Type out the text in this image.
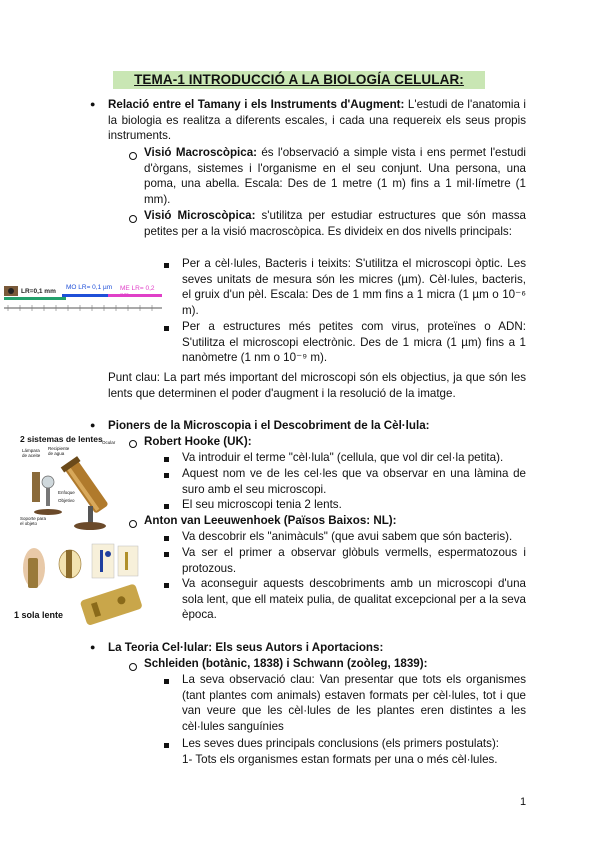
TEMA-1 INTRODUCCIÓ A LA BIOLOGÍA CELULAR:
● Relació entre el Tamany i els Instruments d'Augment: L'estudi de l'anatomia i la biologia es realitza a diferents escales, i cada una requereix els seus propis instruments.
Visió Macroscòpica: és l'observació a simple vista i ens permet l'estudi d'òrgans, sistemes i l'organisme en el seu conjunt. Una persona, una poma, una abella. Escala: Des de 1 metre (1 m) fins a 1 mil·límetre (1 mm).
Visió Microscòpica: s'utilitza per estudiar estructures que són massa petites per a la visió macroscòpica. Es divideix en dos nivells principals:
Per a cèl·lules, Bacteris i teixits: S'utilitza el microscopi òptic. Les seves unitats de mesura són les micres (µm). Cèl·lules, bacteris, el gruix d'un pèl. Escala: Des de 1 mm fins a 1 micra (1 µm o 10⁻⁶ m).
Per a estructures més petites com virus, proteïnes o ADN: S'utilitza el microscopi electrònic. Des de 1 micra (1 µm) fins a 1 nanòmetre (1 nm o 10⁻⁹ m).
Punt clau: La part més important del microscopi són els objectius, ja que són les lents que determinen el poder d'augment i la resolució de la imatge.
LR=0,1 mm
MO LR= 0,1 µm ME LR= 0,2 nm
● Pioners de la Microscopia i el Descobriment de la Cèl·lula:
Robert Hooke (UK):
Va introduir el terme "cèl·lula" (cellula, que vol dir cel·la petita).
Aquest nom ve de les cel·les que va observar en una làmina de suro amb el seu microscopi.
El seu microscopi tenia 2 lents.
Anton van Leeuwenhoek (Països Baixos: NL):
Va descobrir els "animàculs" (que avui sabem que són bacteris).
Va ser el primer a observar glòbuls vermells, espermatozous i protozous.
Va aconseguir aquests descobriments amb un microscopi d'una sola lent, que ell mateix pulia, de qualitat excepcional per a la seva època.
2 sistemas de lentes
Lámpara de aceite
Recipiente de agua
Ocular
Enfoque
Objetivo
Soporte para el objeto
1 sola lente
● La Teoria Cel·lular: Els seus Autors i Aportacions:
Schleiden (botànic, 1838) i Schwann (zoòleg, 1839):
La seva observació clau: Van presentar que tots els organismes (tant plantes com animals) estaven formats per cèl·lules, tot i que van veure que les cèl·lules de les plantes eren distintes a les cèl·lules sanguínies
Les seves dues principals conclusions (els primers postulats):
1- Tots els organismes estan formats per una o més cèl·lules.
1
